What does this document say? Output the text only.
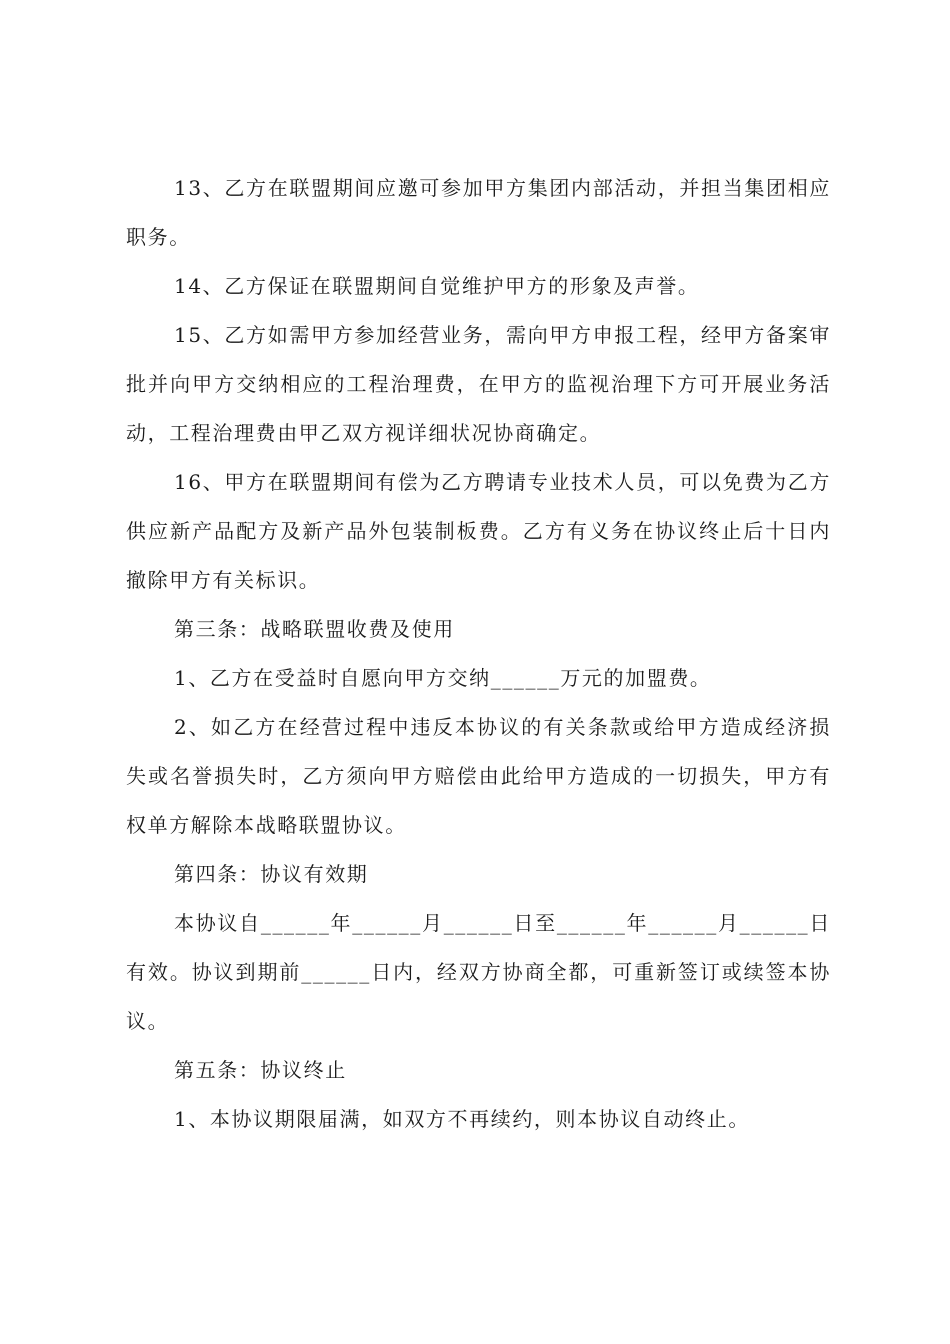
13、乙方在联盟期间应邀可参加甲方集团内部活动，并担当集团相应职务。

14、乙方保证在联盟期间自觉维护甲方的形象及声誉。

15、乙方如需甲方参加经营业务，需向甲方申报工程，经甲方备案审批并向甲方交纳相应的工程治理费，在甲方的监视治理下方可开展业务活动，工程治理费由甲乙双方视详细状况协商确定。

16、甲方在联盟期间有偿为乙方聘请专业技术人员，可以免费为乙方供应新产品配方及新产品外包装制板费。乙方有义务在协议终止后十日内撤除甲方有关标识。

第三条：战略联盟收费及使用

1、乙方在受益时自愿向甲方交纳______万元的加盟费。

2、如乙方在经营过程中违反本协议的有关条款或给甲方造成经济损失或名誉损失时，乙方须向甲方赔偿由此给甲方造成的一切损失，甲方有权单方解除本战略联盟协议。

第四条：协议有效期

本协议自______年______月______日至______年______月______日有效。协议到期前______日内，经双方协商全都，可重新签订或续签本协议。

第五条：协议终止

1、本协议期限届满，如双方不再续约，则本协议自动终止。
